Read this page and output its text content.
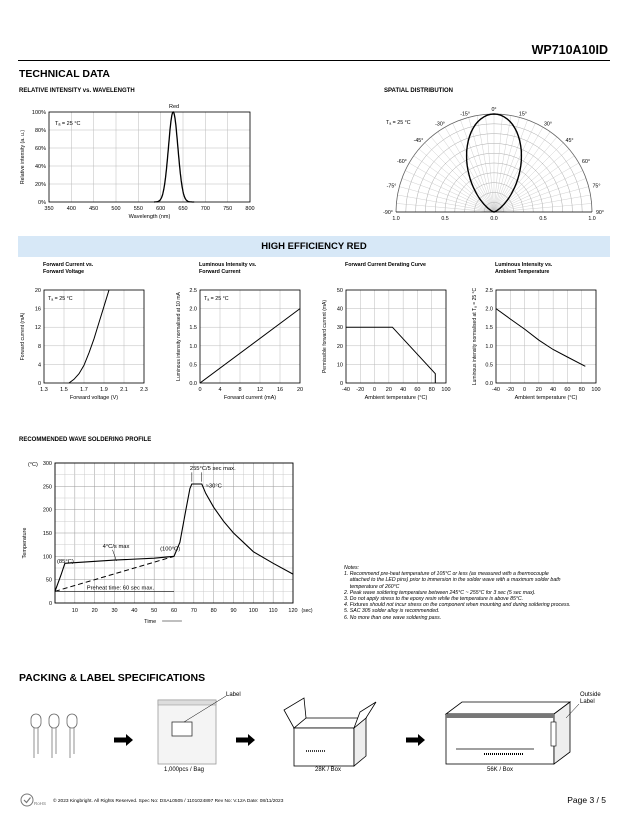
WP710A10ID
TECHNICAL DATA
RELATIVE INTENSITY vs. WAVELENGTH	SPATIAL DISTRIBUTION
350 400 450 500 550 600 650 700 750 800
0%
20%
40%
60%
80%
100%
Wavelength (nm)
Relative intensity (a. u.)
Red
Tₐ = 25 °C
0°
-15°
-30°
-45°
-60°
-75°
-90°
15°
30°
45°
60°
75°
90°
1.0	0.5	0.0	0.5	1.0
Tₐ = 25 °C
HIGH EFFICIENCY RED
Forward Current vs.
Forward Voltage
1.3 1.5 1.7 1.9 2.1 2.3
0
4
8
12
16
20
Forward voltage (V)
Forward current (mA)
Tₐ = 25 °C
Luminous Intensity vs.
Forward Current
0	4	8	12	16	20
0.0
0.5
1.0
1.5
2.0
2.5
Forward current (mA)
Luminous intensity normalised at 10 mA	Tₐ = 25 °C
Forward Current Derating Curve
-40 -20 0 20 40 60 80 100
0
10
20
30
40
50
Ambient temperature (°C)
Permissible forward current (mA)
Luminous Intensity vs.
Ambient Temperature
-40 -20 0 20 40 60 80 100
0.0
0.5
1.0
1.5
2.0
2.5
Ambient temperature (°C)
Luminous intensity normalised at Tₐ = 25 °C
RECOMMENDED WAVE SOLDERING PROFILE
0
50
100
150
200
250
300
10 20 30 40 50 60 70 80 90 100 110 120 (sec)
(°C)
Temperature
Time
255°C/5 sec max.
≈30°C
4°C/s max	(100°C)
(85°C)
Preheat time: 60 sec max.
Notes:
1. Recommend pre-heat temperature of 105°C or less (as measured with a thermocouple
attached to the LED pins) prior to immersion in the solder wave with a maximum solder bath
temperature of 260°C
2. Peak wave soldering temperature between 245°C ~ 255°C for 3 sec (5 sec max).
3. Do not apply stress to the epoxy resin while the temperature is above 85°C.
4. Fixtures should not incur stress on the component when mounting and during soldering process.
5. SAC 305 solder alloy is recommended.
6. No more than one wave soldering pass.
PACKING & LABEL SPECIFICATIONS
Label	Outside
Label
1,000pcs / Bag	28K / Box	56K / Box
RoHS © 2023 Kingbright. All Rights Reserved. Spec No: DSAL0505 / 1101024897 Rev No: V.12A Date: 08/11/2023	Page 3 / 5
